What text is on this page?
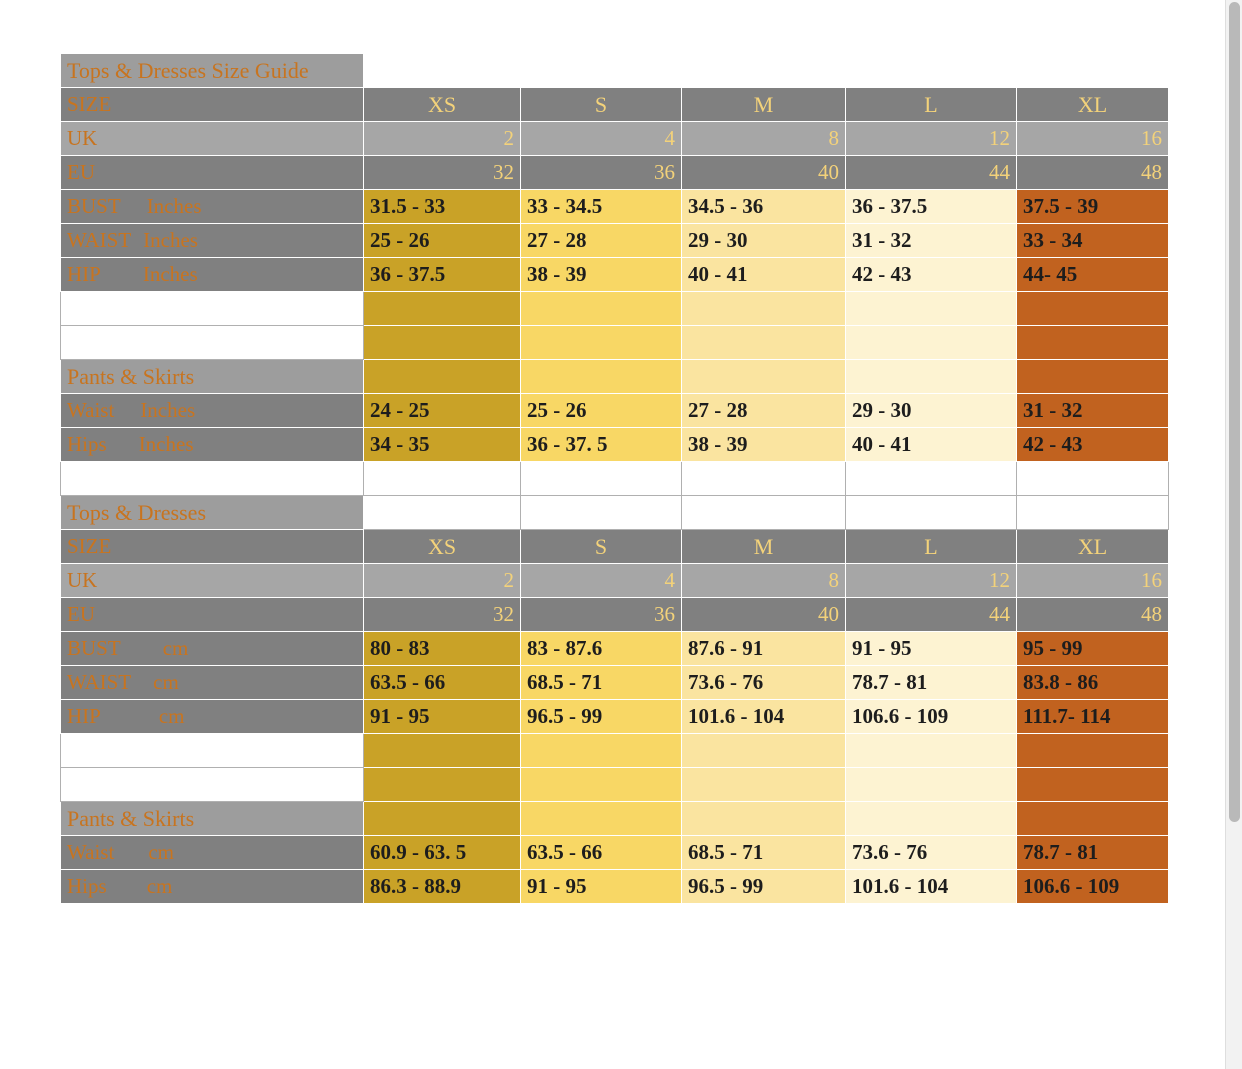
Tops & Dresses Size Guide					
SIZE	XS	S	M	L	XL
UK	2	4	8	12	16
EU	32	36	40	44	48
BUST Inches	31.5 - 33	33 - 34.5	34.5 - 36	36 - 37.5	37.5 - 39
WAIST Inches	25 - 26	27 - 28	29 - 30	31 - 32	33 - 34
HIP Inches	36 - 37.5	38 - 39	40 - 41	42 - 43	44- 45

Pants & Skirts					
Waist Inches	24 - 25	25 - 26	27 - 28	29 - 30	31 - 32
Hips Inches	34 - 35	36 - 37. 5	38 - 39	40 - 41	42 - 43

Tops & Dresses					
SIZE	XS	S	M	L	XL
UK	2	4	8	12	16
EU	32	36	40	44	48
BUST cm	80 - 83	83 - 87.6	87.6 - 91	91 - 95	95 - 99
WAIST cm	63.5 - 66	68.5 - 71	73.6 - 76	78.7 - 81	83.8 - 86
HIP cm	91 - 95	96.5 - 99	101.6 - 104	106.6 - 109	111.7- 114

Pants & Skirts					
Waist cm	60.9 - 63. 5	63.5 - 66	68.5 - 71	73.6 - 76	78.7 - 81
Hips cm	86.3 - 88.9	91 - 95	96.5 - 99	101.6 - 104	106.6 - 109
